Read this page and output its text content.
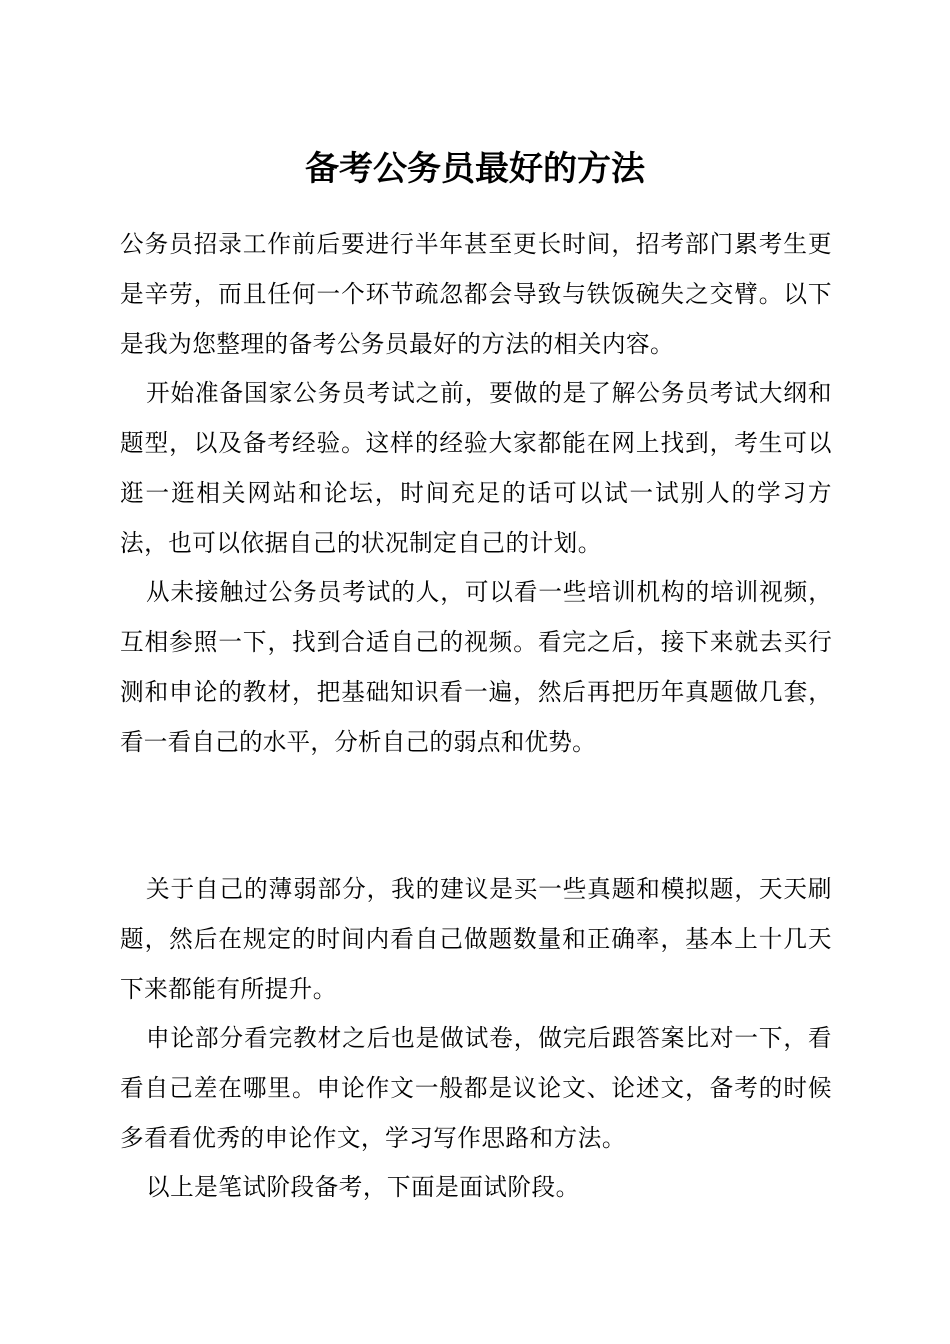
备考公务员最好的方法

公务员招录工作前后要进行半年甚至更长时间，招考部门累考生更是辛劳，而且任何一个环节疏忽都会导致与铁饭碗失之交臂。以下是我为您整理的备考公务员最好的方法的相关内容。

开始准备国家公务员考试之前，要做的是了解公务员考试大纲和题型，以及备考经验。这样的经验大家都能在网上找到，考生可以逛一逛相关网站和论坛，时间充足的话可以试一试别人的学习方法，也可以依据自己的状况制定自己的计划。

从未接触过公务员考试的人，可以看一些培训机构的培训视频，互相参照一下，找到合适自己的视频。看完之后，接下来就去买行测和申论的教材，把基础知识看一遍，然后再把历年真题做几套，看一看自己的水平，分析自己的弱点和优势。

关于自己的薄弱部分，我的建议是买一些真题和模拟题，天天刷题，然后在规定的时间内看自己做题数量和正确率，基本上十几天下来都能有所提升。

申论部分看完教材之后也是做试卷，做完后跟答案比对一下，看看自己差在哪里。申论作文一般都是议论文、论述文，备考的时候多看看优秀的申论作文，学习写作思路和方法。

以上是笔试阶段备考，下面是面试阶段。
